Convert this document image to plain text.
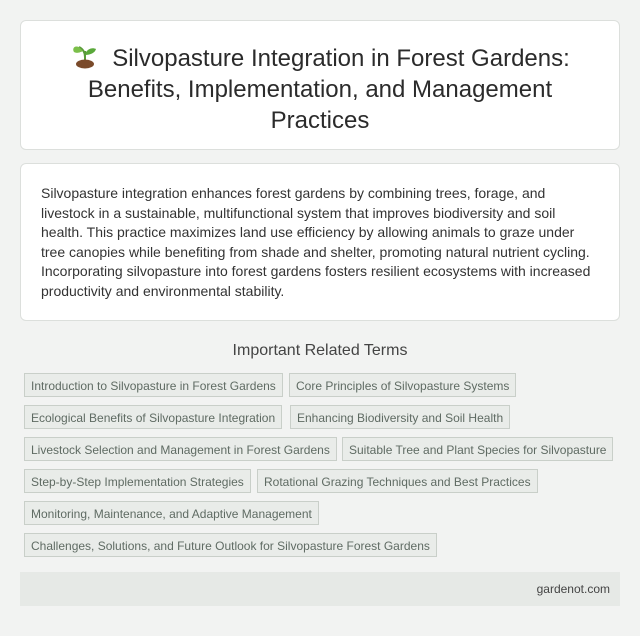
Silvopasture Integration in Forest Gardens: Benefits, Implementation, and Management Practices

Silvopasture integration enhances forest gardens by combining trees, forage, and livestock in a sustainable, multifunctional system that improves biodiversity and soil health. This practice maximizes land use efficiency by allowing animals to graze under tree canopies while benefiting from shade and shelter, promoting natural nutrient cycling. Incorporating silvopasture into forest gardens fosters resilient ecosystems with increased productivity and environmental stability.

Important Related Terms
Introduction to Silvopasture in Forest Gardens	Core Principles of Silvopasture Systems
Ecological Benefits of Silvopasture Integration	Enhancing Biodiversity and Soil Health
Livestock Selection and Management in Forest Gardens	Suitable Tree and Plant Species for Silvopasture
Step-by-Step Implementation Strategies	Rotational Grazing Techniques and Best Practices
Monitoring, Maintenance, and Adaptive Management
Challenges, Solutions, and Future Outlook for Silvopasture Forest Gardens
gardenot.com
